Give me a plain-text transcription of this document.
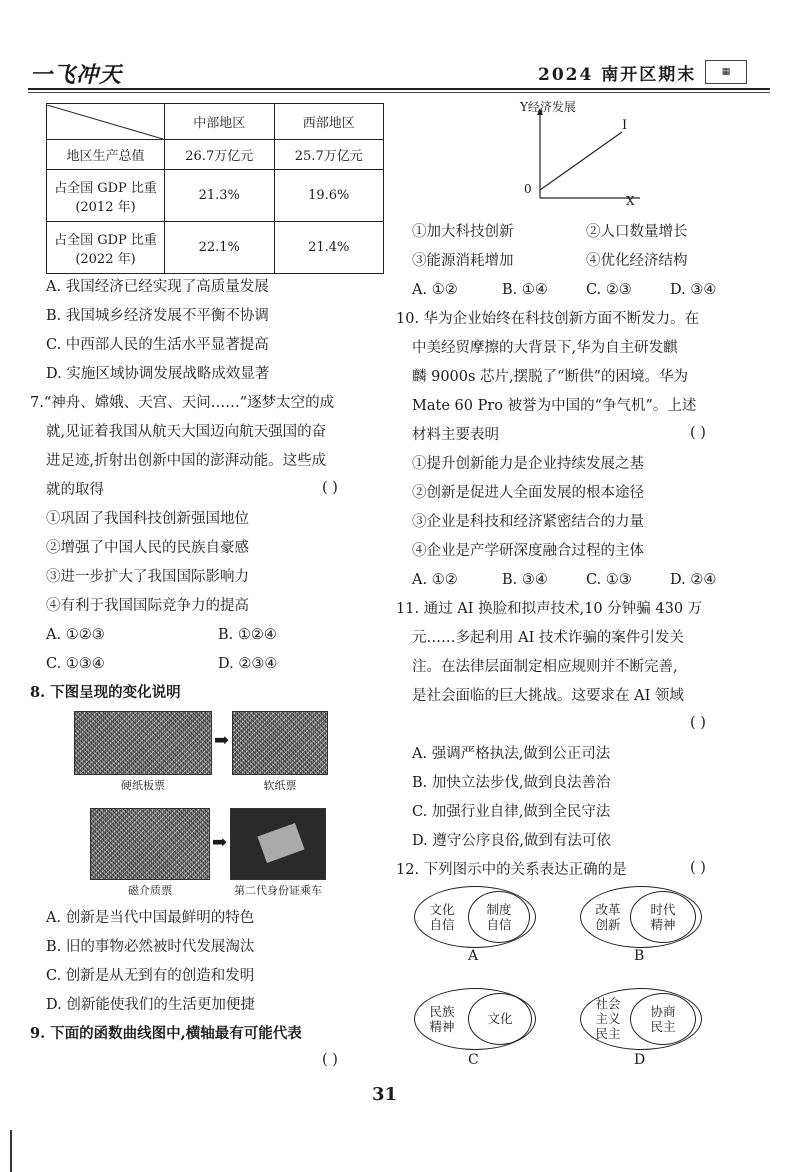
一飞冲天	2024 南开区期末	▦
	中部地区	西部地区
地区生产总值	26.7万亿元	25.7万亿元

占全国 GDP 比重
(2012 年)	21.3%	19.6%

占全国 GDP 比重
(2022 年)	22.1%	21.4%
A. 我国经济已经实现了高质量发展
B. 我国城乡经济发展不平衡不协调
C. 中西部人民的生活水平显著提高
D. 实施区域协调发展战略成效显著
7.“神舟、嫦娥、天宫、天问……”逐梦太空的成
就,见证着我国从航天大国迈向航天强国的奋
进足迹,折射出创新中国的澎湃动能。这些成
就的取得	( )
①巩固了我国科技创新强国地位
②增强了中国人民的民族自豪感
③进一步扩大了我国国际影响力
④有利于我国国际竞争力的提高
A. ①②③	B. ①②④
C. ①③④	D. ②③④
8. 下图呈现的变化说明
➡
硬纸板票	软纸票
➡
磁介质票	第二代身份证乘车
A. 创新是当代中国最鲜明的特色
B. 旧的事物必然被时代发展淘汰
C. 创新是从无到有的创造和发明
D. 创新能使我们的生活更加便捷
9. 下面的函数曲线图中,横轴最有可能代表
( )
Y经济发展
I
0
X
①加大科技创新	②人口数量增长
③能源消耗增加	④优化经济结构
A. ①②	B. ①④	C. ②③	D. ③④
10. 华为企业始终在科技创新方面不断发力。在
中美经贸摩擦的大背景下,华为自主研发麒
麟 9000s 芯片,摆脱了“断供”的困境。华为
Mate 60 Pro 被誉为中国的“争气机”。上述
材料主要表明	( )
①提升创新能力是企业持续发展之基
②创新是促进人全面发展的根本途径
③企业是科技和经济紧密结合的力量
④企业是产学研深度融合过程的主体
A. ①②	B. ③④	C. ①③	D. ②④
11. 通过 AI 换脸和拟声技术,10 分钟骗 430 万
元……多起利用 AI 技术诈骗的案件引发关
注。在法律层面制定相应规则并不断完善,
是社会面临的巨大挑战。这要求在 AI 领域
( )
A. 强调严格执法,做到公正司法
B. 加快立法步伐,做到良法善治
C. 加强行业自律,做到全民守法
D. 遵守公序良俗,做到有法可依
12. 下列图示中的关系表达正确的是	( )
文化
自信
制度
自信
A
改革
创新
时代
精神
B
民族
精神
文化
C
社会
主义
民主
协商
民主
D
31
